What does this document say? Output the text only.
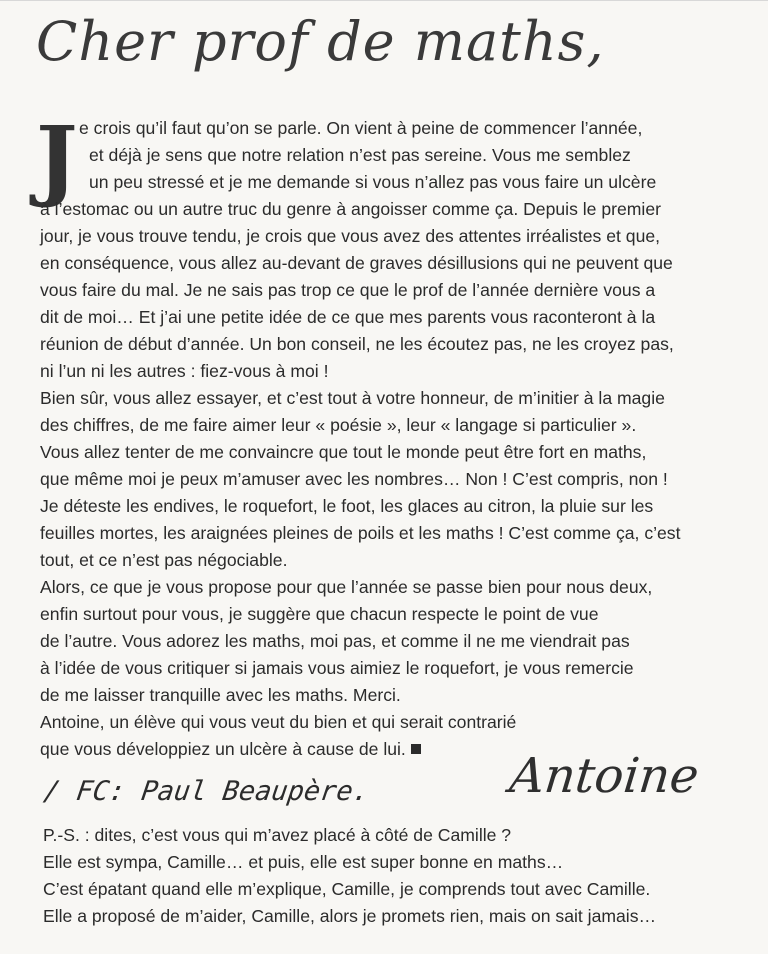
Cher prof de maths,
J e crois qu’il faut qu’on se parle. On vient à peine de commencer l’année,
et déjà je sens que notre relation n’est pas sereine. Vous me semblez
un peu stressé et je me demande si vous n’allez pas vous faire un ulcère
à l’estomac ou un autre truc du genre à angoisser comme ça. Depuis le premier
jour, je vous trouve tendu, je crois que vous avez des attentes irréalistes et que,
en conséquence, vous allez au-devant de graves désillusions qui ne peuvent que
vous faire du mal. Je ne sais pas trop ce que le prof de l’année dernière vous a
dit de moi… Et j’ai une petite idée de ce que mes parents vous raconteront à la
réunion de début d’année. Un bon conseil, ne les écoutez pas, ne les croyez pas,
ni l’un ni les autres : fiez-vous à moi !
Bien sûr, vous allez essayer, et c’est tout à votre honneur, de m’initier à la magie
des chiffres, de me faire aimer leur « poésie », leur « langage si particulier ».
Vous allez tenter de me convaincre que tout le monde peut être fort en maths,
que même moi je peux m’amuser avec les nombres… Non ! C’est compris, non !
Je déteste les endives, le roquefort, le foot, les glaces au citron, la pluie sur les
feuilles mortes, les araignées pleines de poils et les maths ! C’est comme ça, c’est
tout, et ce n’est pas négociable.
Alors, ce que je vous propose pour que l’année se passe bien pour nous deux,
enfin surtout pour vous, je suggère que chacun respecte le point de vue
de l’autre. Vous adorez les maths, moi pas, et comme il ne me viendrait pas
à l’idée de vous critiquer si jamais vous aimiez le roquefort, je vous remercie
de me laisser tranquille avec les maths. Merci.
Antoine, un élève qui vous veut du bien et qui serait contrarié
que vous développiez un ulcère à cause de lui.
/ FC: Paul Beaupère.	Antoine
P.-S. : dites, c’est vous qui m’avez placé à côté de Camille ?
Elle est sympa, Camille… et puis, elle est super bonne en maths…
C’est épatant quand elle m’explique, Camille, je comprends tout avec Camille.
Elle a proposé de m’aider, Camille, alors je promets rien, mais on sait jamais…
